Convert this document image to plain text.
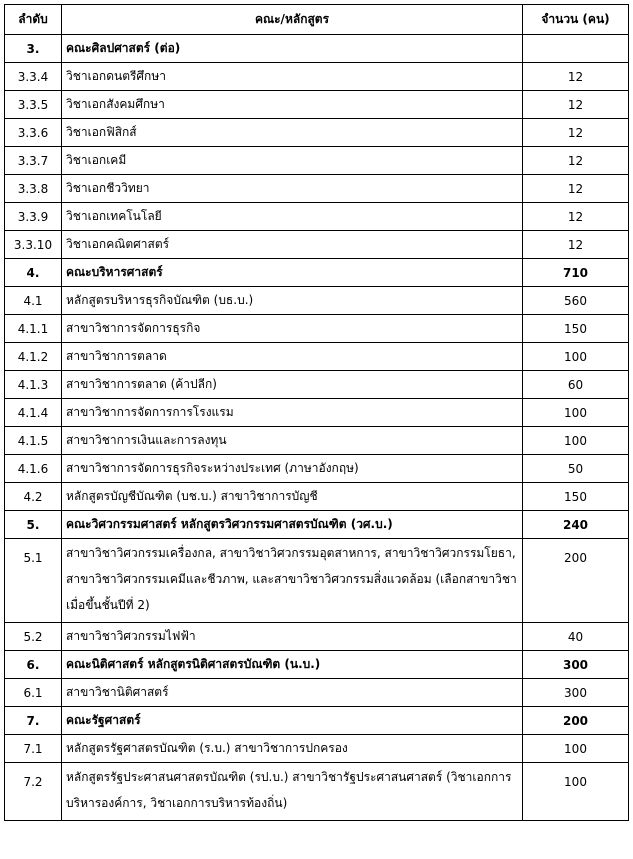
ลำดับ	คณะ/หลักสูตร	จำนวน (คน)
3.	คณะศิลปศาสตร์ (ต่อ)	
3.3.4	วิชาเอกดนตรีศึกษา	12
3.3.5	วิชาเอกสังคมศึกษา	12
3.3.6	วิชาเอกฟิสิกส์	12
3.3.7	วิชาเอกเคมี	12
3.3.8	วิชาเอกชีววิทยา	12
3.3.9	วิชาเอกเทคโนโลยี	12
3.3.10	วิชาเอกคณิตศาสตร์	12
4.	คณะบริหารศาสตร์	710
4.1	หลักสูตรบริหารธุรกิจบัณฑิต (บธ.บ.)	560
4.1.1	สาขาวิชาการจัดการธุรกิจ	150
4.1.2	สาขาวิชาการตลาด	100
4.1.3	สาขาวิชาการตลาด (ค้าปลีก)	60
4.1.4	สาขาวิชาการจัดการการโรงแรม	100
4.1.5	สาขาวิชาการเงินและการลงทุน	100
4.1.6	สาขาวิชาการจัดการธุรกิจระหว่างประเทศ (ภาษาอังกฤษ)	50
4.2	หลักสูตรบัญชีบัณฑิต (บช.บ.) สาขาวิชาการบัญชี	150
5.	คณะวิศวกรรมศาสตร์ หลักสูตรวิศวกรรมศาสตรบัณฑิต (วศ.บ.)	240
5.1	สาขาวิชาวิศวกรรมเครื่องกล, สาขาวิชาวิศวกรรมอุตสาหการ, สาขาวิชาวิศวกรรมโยธา, สาขาวิชาวิศวกรรมเคมีและชีวภาพ, และสาขาวิชาวิศวกรรมสิ่งแวดล้อม (เลือกสาขาวิชาเมื่อขึ้นชั้นปีที่ 2)	200
5.2	สาขาวิชาวิศวกรรมไฟฟ้า	40
6.	คณะนิติศาสตร์ หลักสูตรนิติศาสตรบัณฑิต (น.บ.)	300
6.1	สาขาวิชานิติศาสตร์	300
7.	คณะรัฐศาสตร์	200
7.1	หลักสูตรรัฐศาสตรบัณฑิต (ร.บ.) สาขาวิชาการปกครอง	100
7.2	หลักสูตรรัฐประศาสนศาสตรบัณฑิต (รป.บ.) สาขาวิชารัฐประศาสนศาสตร์ (วิชาเอกการบริหารองค์การ, วิชาเอกการบริหารท้องถิ่น)	100
